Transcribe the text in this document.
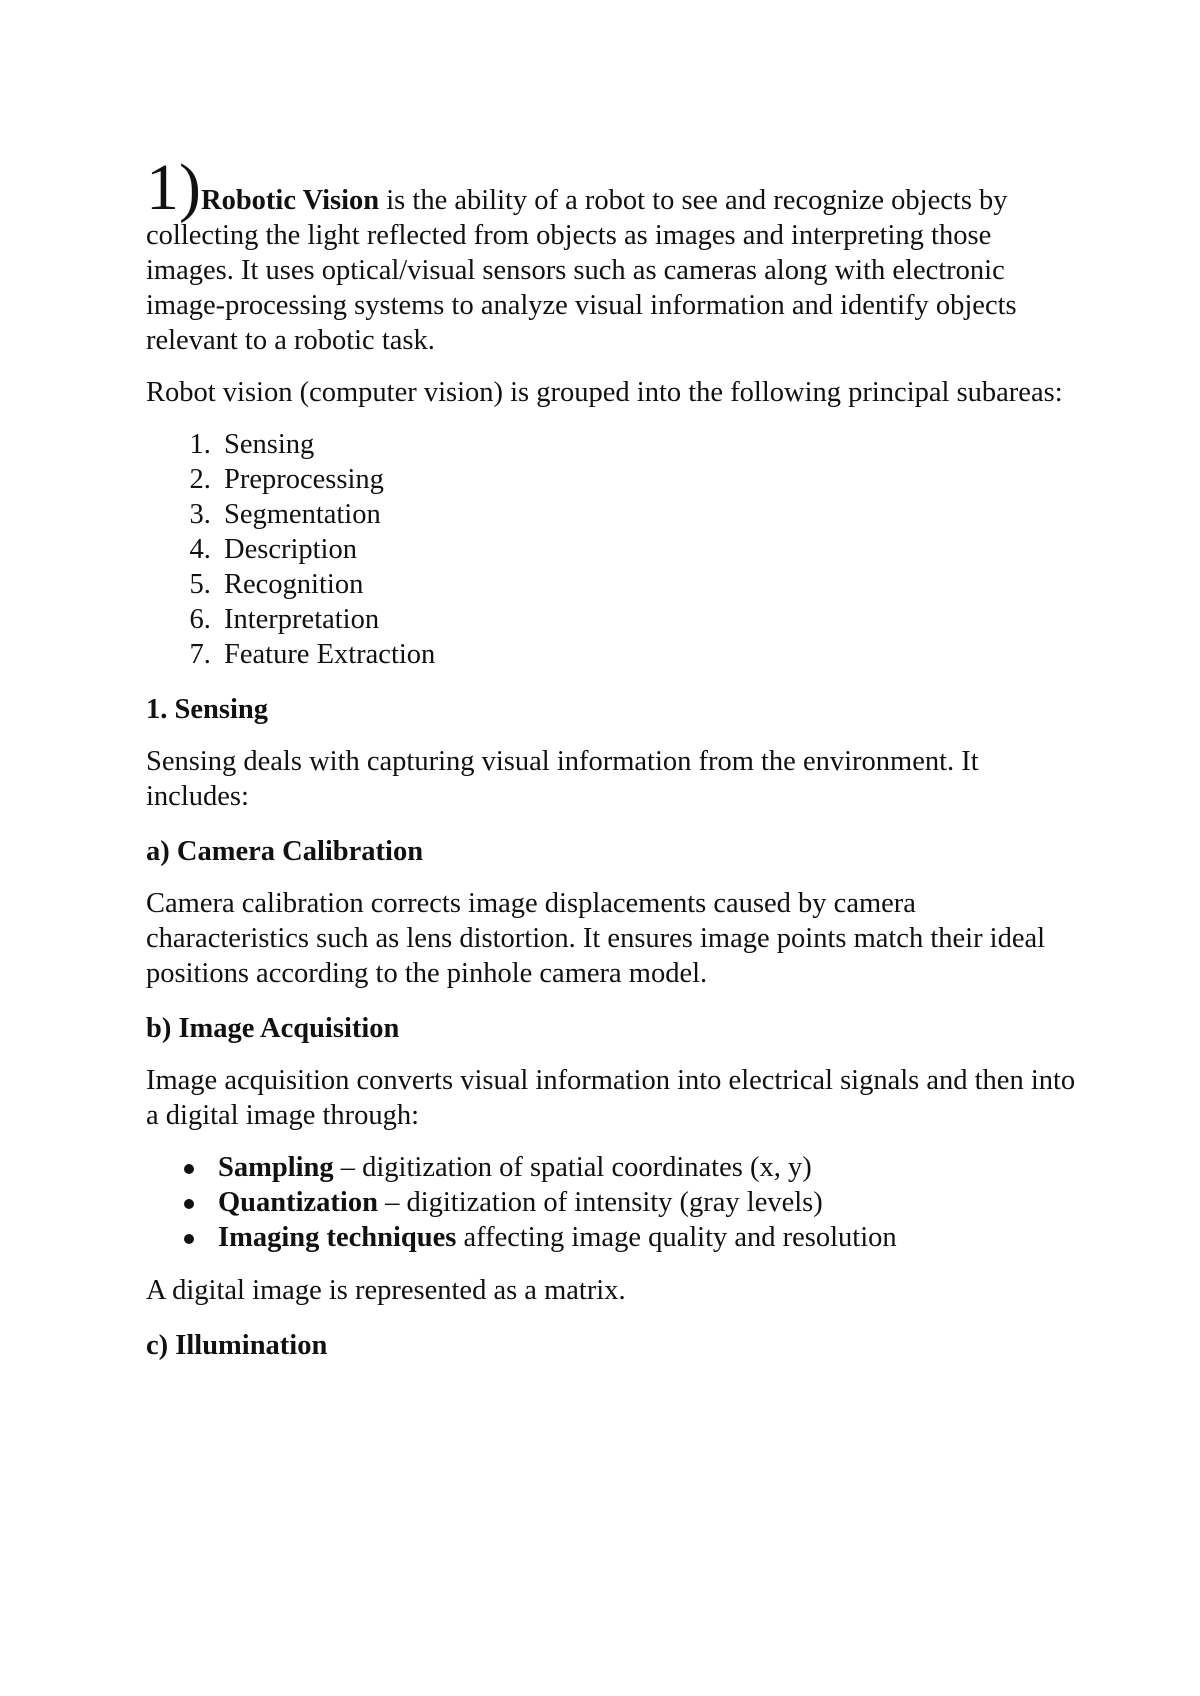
1)Robotic Vision is the ability of a robot to see and recognize objects by collecting the light reflected from objects as images and interpreting those images. It uses optical/visual sensors such as cameras along with electronic image-processing systems to analyze visual information and identify objects relevant to a robotic task.

Robot vision (computer vision) is grouped into the following principal subareas:

1. Sensing
2. Preprocessing
3. Segmentation
4. Description
5. Recognition
6. Interpretation
7. Feature Extraction
1. Sensing

Sensing deals with capturing visual information from the environment. It includes:

a) Camera Calibration

Camera calibration corrects image displacements caused by camera characteristics such as lens distortion. It ensures image points match their ideal positions according to the pinhole camera model.

b) Image Acquisition

Image acquisition converts visual information into electrical signals and then into a digital image through:

Sampling – digitization of spatial coordinates (x, y)
Quantization – digitization of intensity (gray levels)
Imaging techniques affecting image quality and resolution

A digital image is represented as a matrix.

c) Illumination
